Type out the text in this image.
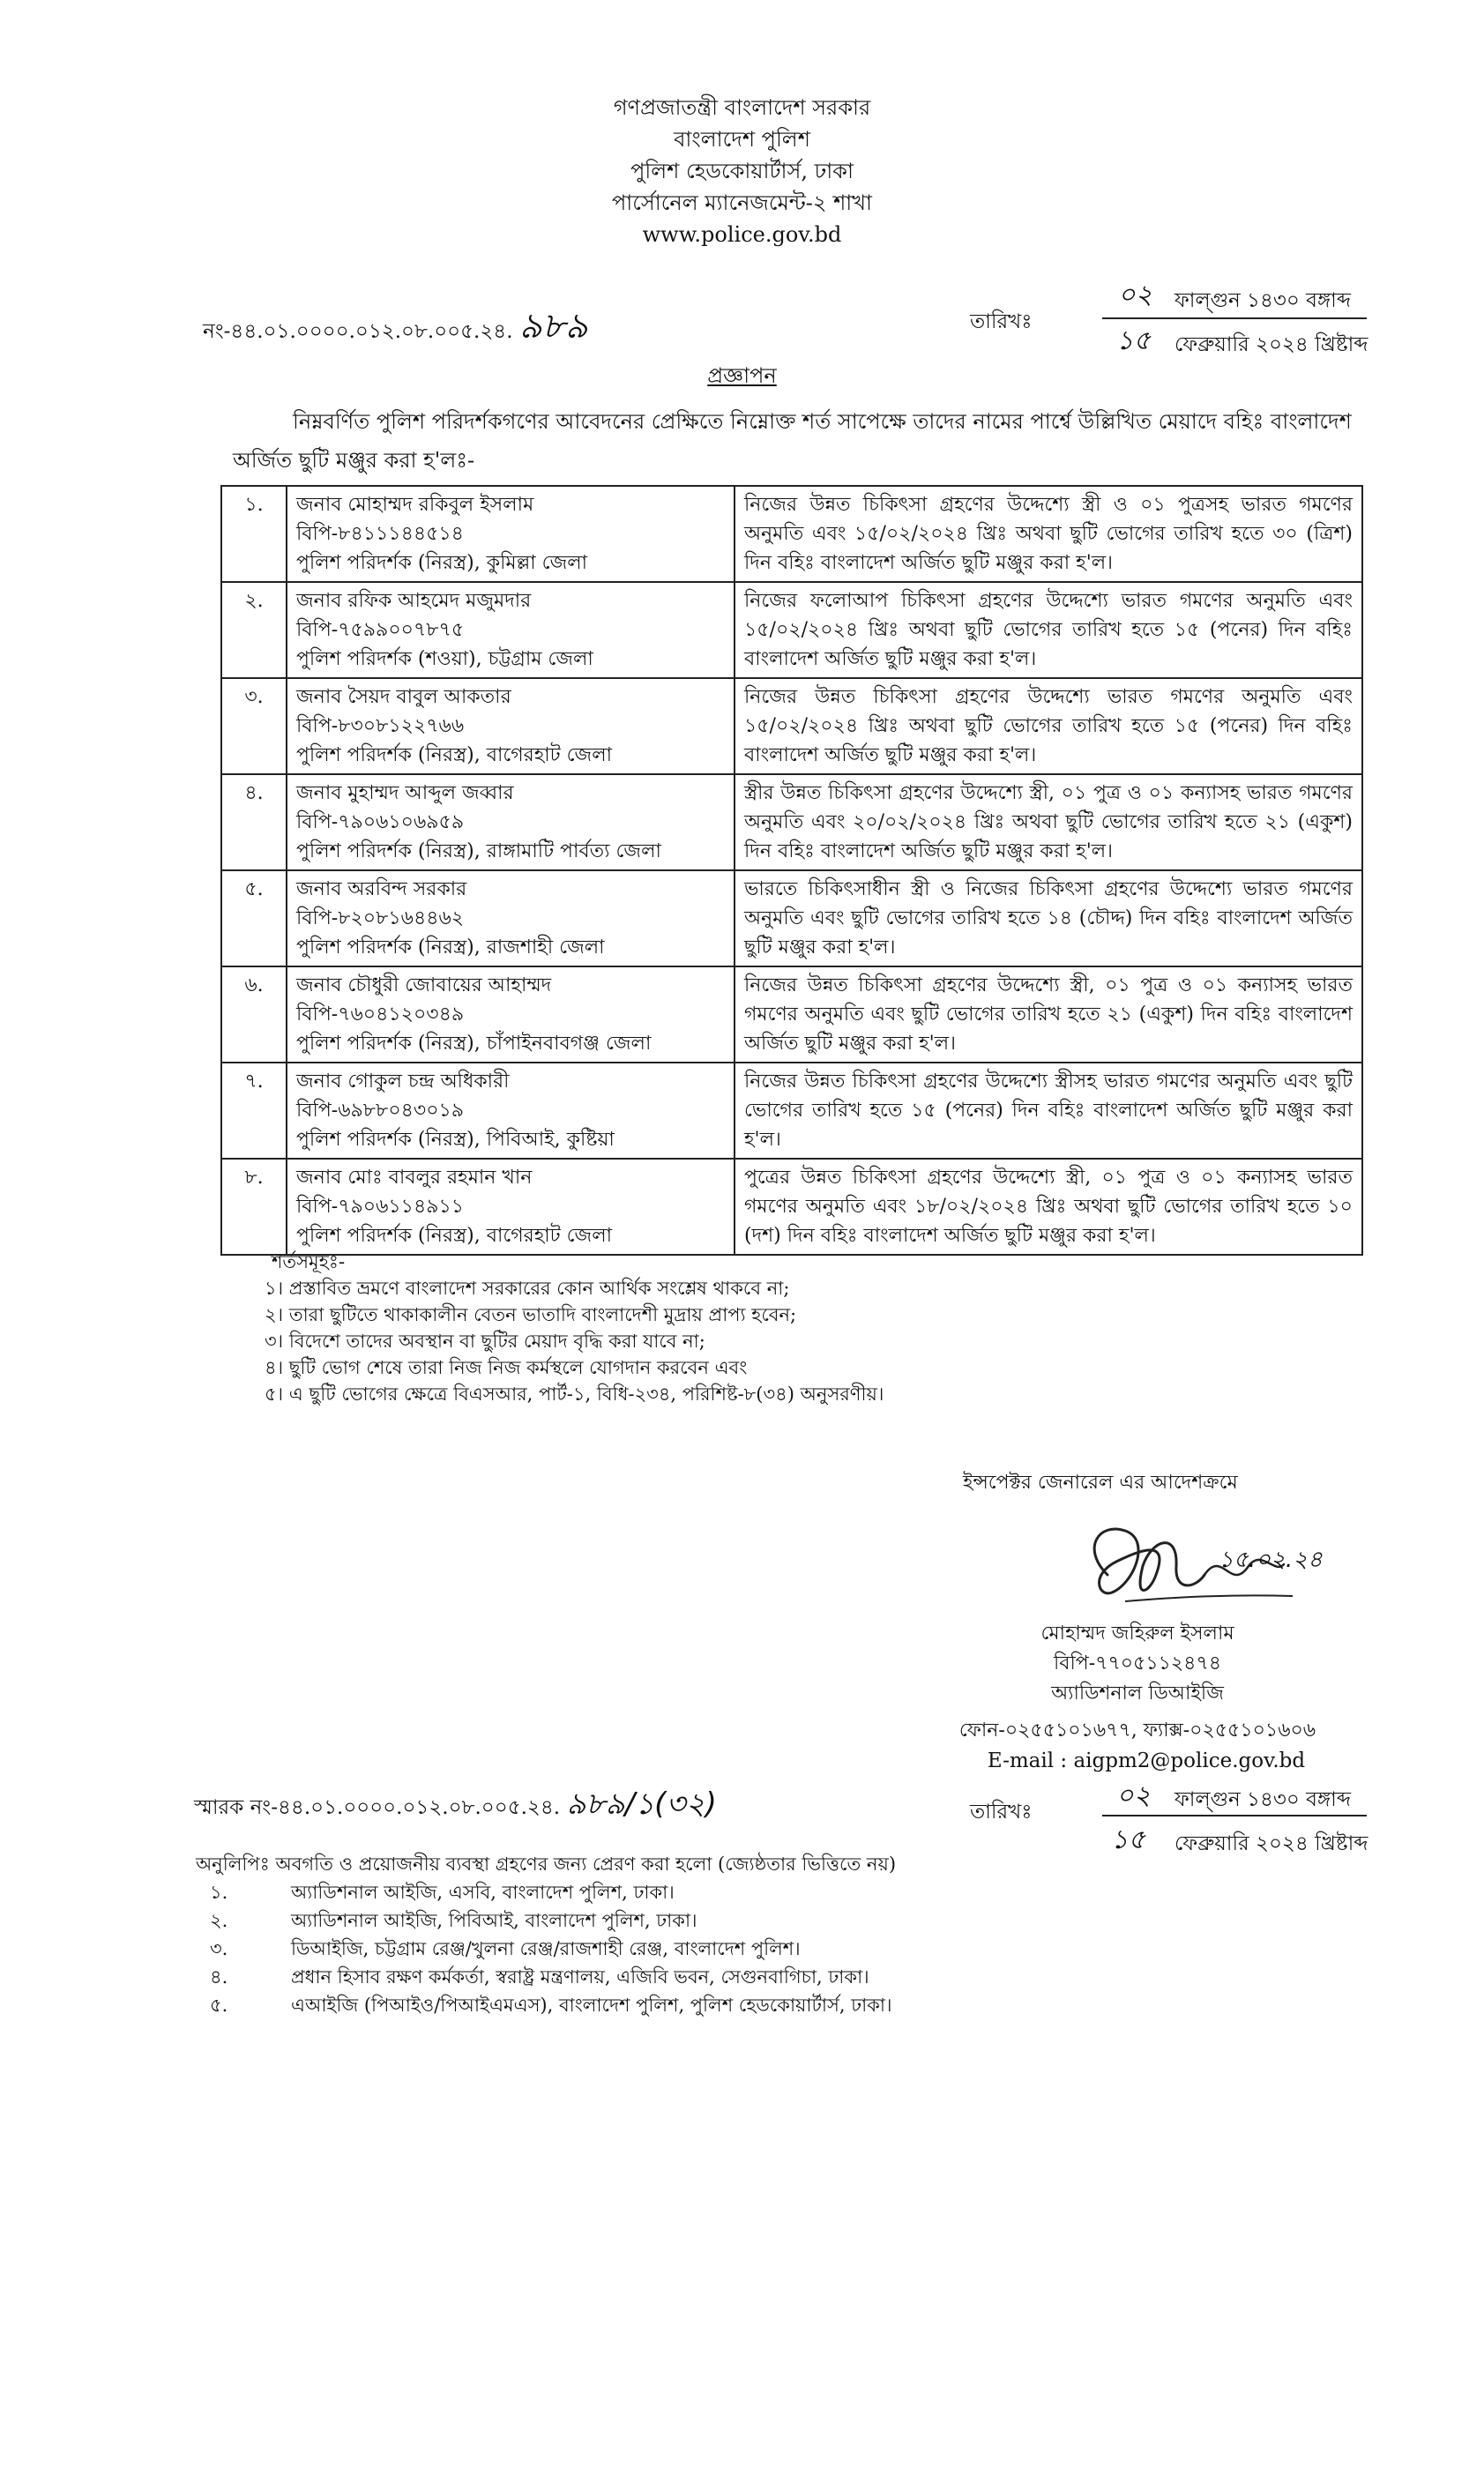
গণপ্রজাতন্ত্রী বাংলাদেশ সরকার
বাংলাদেশ পুলিশ
পুলিশ হেডকোয়ার্টার্স, ঢাকা
পার্সোনেল ম্যানেজমেন্ট-২ শাখা
www.police.gov.bd
নং-৪৪.০১.০০০০.০১২.০৮.০০৫.২৪. ৯৮৯
০২ ফাল্গুন ১৪৩০ বঙ্গাব্দ
তারিখঃ
১৫ ফেব্রুয়ারি ২০২৪ খ্রিষ্টাব্দ
প্রজ্ঞাপন
নিম্নবর্ণিত পুলিশ পরিদর্শকগণের আবেদনের প্রেক্ষিতে নিম্নোক্ত শর্ত সাপেক্ষে তাদের নামের পার্শ্বে উল্লিখিত মেয়াদে বহিঃ বাংলাদেশ অর্জিত ছুটি মঞ্জুর করা হ'লঃ-
১.	জনাব মোহাম্মদ রকিবুল ইসলাম
বিপি-৮৪১১১৪৪৫১৪
পুলিশ পরিদর্শক (নিরস্ত্র), কুমিল্লা জেলা	নিজের উন্নত চিকিৎসা গ্রহণের উদ্দেশ্যে স্ত্রী ও ০১ পুত্রসহ ভারত গমণের অনুমতি এবং ১৫/০২/২০২৪ খ্রিঃ অথবা ছুটি ভোগের তারিখ হতে ৩০ (ত্রিশ) দিন বহিঃ বাংলাদেশ অর্জিত ছুটি মঞ্জুর করা হ'ল।
২.	জনাব রফিক আহমেদ মজুমদার
বিপি-৭৫৯৯০০৭৮৭৫
পুলিশ পরিদর্শক (শওয়া), চট্টগ্রাম জেলা	নিজের ফলোআপ চিকিৎসা গ্রহণের উদ্দেশ্যে ভারত গমণের অনুমতি এবং ১৫/০২/২০২৪ খ্রিঃ অথবা ছুটি ভোগের তারিখ হতে ১৫ (পনের) দিন বহিঃ বাংলাদেশ অর্জিত ছুটি মঞ্জুর করা হ'ল।
৩.	জনাব সৈয়দ বাবুল আকতার
বিপি-৮৩০৮১২২৭৬৬
পুলিশ পরিদর্শক (নিরস্ত্র), বাগেরহাট জেলা	নিজের উন্নত চিকিৎসা গ্রহণের উদ্দেশ্যে ভারত গমণের অনুমতি এবং ১৫/০২/২০২৪ খ্রিঃ অথবা ছুটি ভোগের তারিখ হতে ১৫ (পনের) দিন বহিঃ বাংলাদেশ অর্জিত ছুটি মঞ্জুর করা হ'ল।
৪.	জনাব মুহাম্মদ আব্দুল জব্বার
বিপি-৭৯০৬১০৬৯৫৯
পুলিশ পরিদর্শক (নিরস্ত্র), রাঙ্গামাটি পার্বত্য জেলা	স্ত্রীর উন্নত চিকিৎসা গ্রহণের উদ্দেশ্যে স্ত্রী, ০১ পুত্র ও ০১ কন্যাসহ ভারত গমণের অনুমতি এবং ২০/০২/২০২৪ খ্রিঃ অথবা ছুটি ভোগের তারিখ হতে ২১ (একুশ) দিন বহিঃ বাংলাদেশ অর্জিত ছুটি মঞ্জুর করা হ'ল।
৫.	জনাব অরবিন্দ সরকার
বিপি-৮২০৮১৬৪৪৬২
পুলিশ পরিদর্শক (নিরস্ত্র), রাজশাহী জেলা	ভারতে চিকিৎসাধীন স্ত্রী ও নিজের চিকিৎসা গ্রহণের উদ্দেশ্যে ভারত গমণের অনুমতি এবং ছুটি ভোগের তারিখ হতে ১৪ (চৌদ্দ) দিন বহিঃ বাংলাদেশ অর্জিত ছুটি মঞ্জুর করা হ'ল।
৬.	জনাব চৌধুরী জোবায়ের আহাম্মদ
বিপি-৭৬০৪১২০৩৪৯
পুলিশ পরিদর্শক (নিরস্ত্র), চাঁপাইনবাবগঞ্জ জেলা	নিজের উন্নত চিকিৎসা গ্রহণের উদ্দেশ্যে স্ত্রী, ০১ পুত্র ও ০১ কন্যাসহ ভারত গমণের অনুমতি এবং ছুটি ভোগের তারিখ হতে ২১ (একুশ) দিন বহিঃ বাংলাদেশ অর্জিত ছুটি মঞ্জুর করা হ'ল।
৭.	জনাব গোকুল চন্দ্র অধিকারী
বিপি-৬৯৮৮০৪৩০১৯
পুলিশ পরিদর্শক (নিরস্ত্র), পিবিআই, কুষ্টিয়া	নিজের উন্নত চিকিৎসা গ্রহণের উদ্দেশ্যে স্ত্রীসহ ভারত গমণের অনুমতি এবং ছুটি ভোগের তারিখ হতে ১৫ (পনের) দিন বহিঃ বাংলাদেশ অর্জিত ছুটি মঞ্জুর করা হ'ল।
৮.	জনাব মোঃ বাবলুর রহমান খান
বিপি-৭৯০৬১১৪৯১১
পুলিশ পরিদর্শক (নিরস্ত্র), বাগেরহাট জেলা	পুত্রের উন্নত চিকিৎসা গ্রহণের উদ্দেশ্যে স্ত্রী, ০১ পুত্র ও ০১ কন্যাসহ ভারত গমণের অনুমতি এবং ১৮/০২/২০২৪ খ্রিঃ অথবা ছুটি ভোগের তারিখ হতে ১০ (দশ) দিন বহিঃ বাংলাদেশ অর্জিত ছুটি মঞ্জুর করা হ'ল।
শর্তসমূহঃ-
১। প্রস্তাবিত ভ্রমণে বাংলাদেশ সরকারের কোন আর্থিক সংশ্লেষ থাকবে না;
২। তারা ছুটিতে থাকাকালীন বেতন ভাতাদি বাংলাদেশী মুদ্রায় প্রাপ্য হবেন;
৩। বিদেশে তাদের অবস্থান বা ছুটির মেয়াদ বৃদ্ধি করা যাবে না;
৪। ছুটি ভোগ শেষে তারা নিজ নিজ কর্মস্থলে যোগদান করবেন এবং
৫। এ ছুটি ভোগের ক্ষেত্রে বিএসআর, পার্ট-১, বিধি-২৩৪, পরিশিষ্ট-৮(৩৪) অনুসরণীয়।
ইন্সপেক্টর জেনারেল এর আদেশক্রমে
১৫.০২.২৪
মোহাম্মদ জহিরুল ইসলাম
বিপি-৭৭০৫১১২৪৭৪
অ্যাডিশনাল ডিআইজি
ফোন-০২৫৫১০১৬৭৭, ফ্যাক্স-০২৫৫১০১৬০৬
E-mail : aigpm2@police.gov.bd
স্মারক নং-৪৪.০১.০০০০.০১২.০৮.০০৫.২৪. ৯৮৯/১(৩২)	০২ ফাল্গুন ১৪৩০ বঙ্গাব্দ
তারিখঃ
১৫ ফেব্রুয়ারি ২০২৪ খ্রিষ্টাব্দ
অনুলিপিঃ অবগতি ও প্রয়োজনীয় ব্যবস্থা গ্রহণের জন্য প্রেরণ করা হলো (জ্যেষ্ঠতার ভিত্তিতে নয়)
১.	অ্যাডিশনাল আইজি, এসবি, বাংলাদেশ পুলিশ, ঢাকা।
২.	অ্যাডিশনাল আইজি, পিবিআই, বাংলাদেশ পুলিশ, ঢাকা।
৩.	ডিআইজি, চট্টগ্রাম রেঞ্জ/খুলনা রেঞ্জ/রাজশাহী রেঞ্জ, বাংলাদেশ পুলিশ।
৪.	প্রধান হিসাব রক্ষণ কর্মকর্তা, স্বরাষ্ট্র মন্ত্রণালয়, এজিবি ভবন, সেগুনবাগিচা, ঢাকা।
৫.	এআইজি (পিআইও/পিআইএমএস), বাংলাদেশ পুলিশ, পুলিশ হেডকোয়ার্টার্স, ঢাকা।
